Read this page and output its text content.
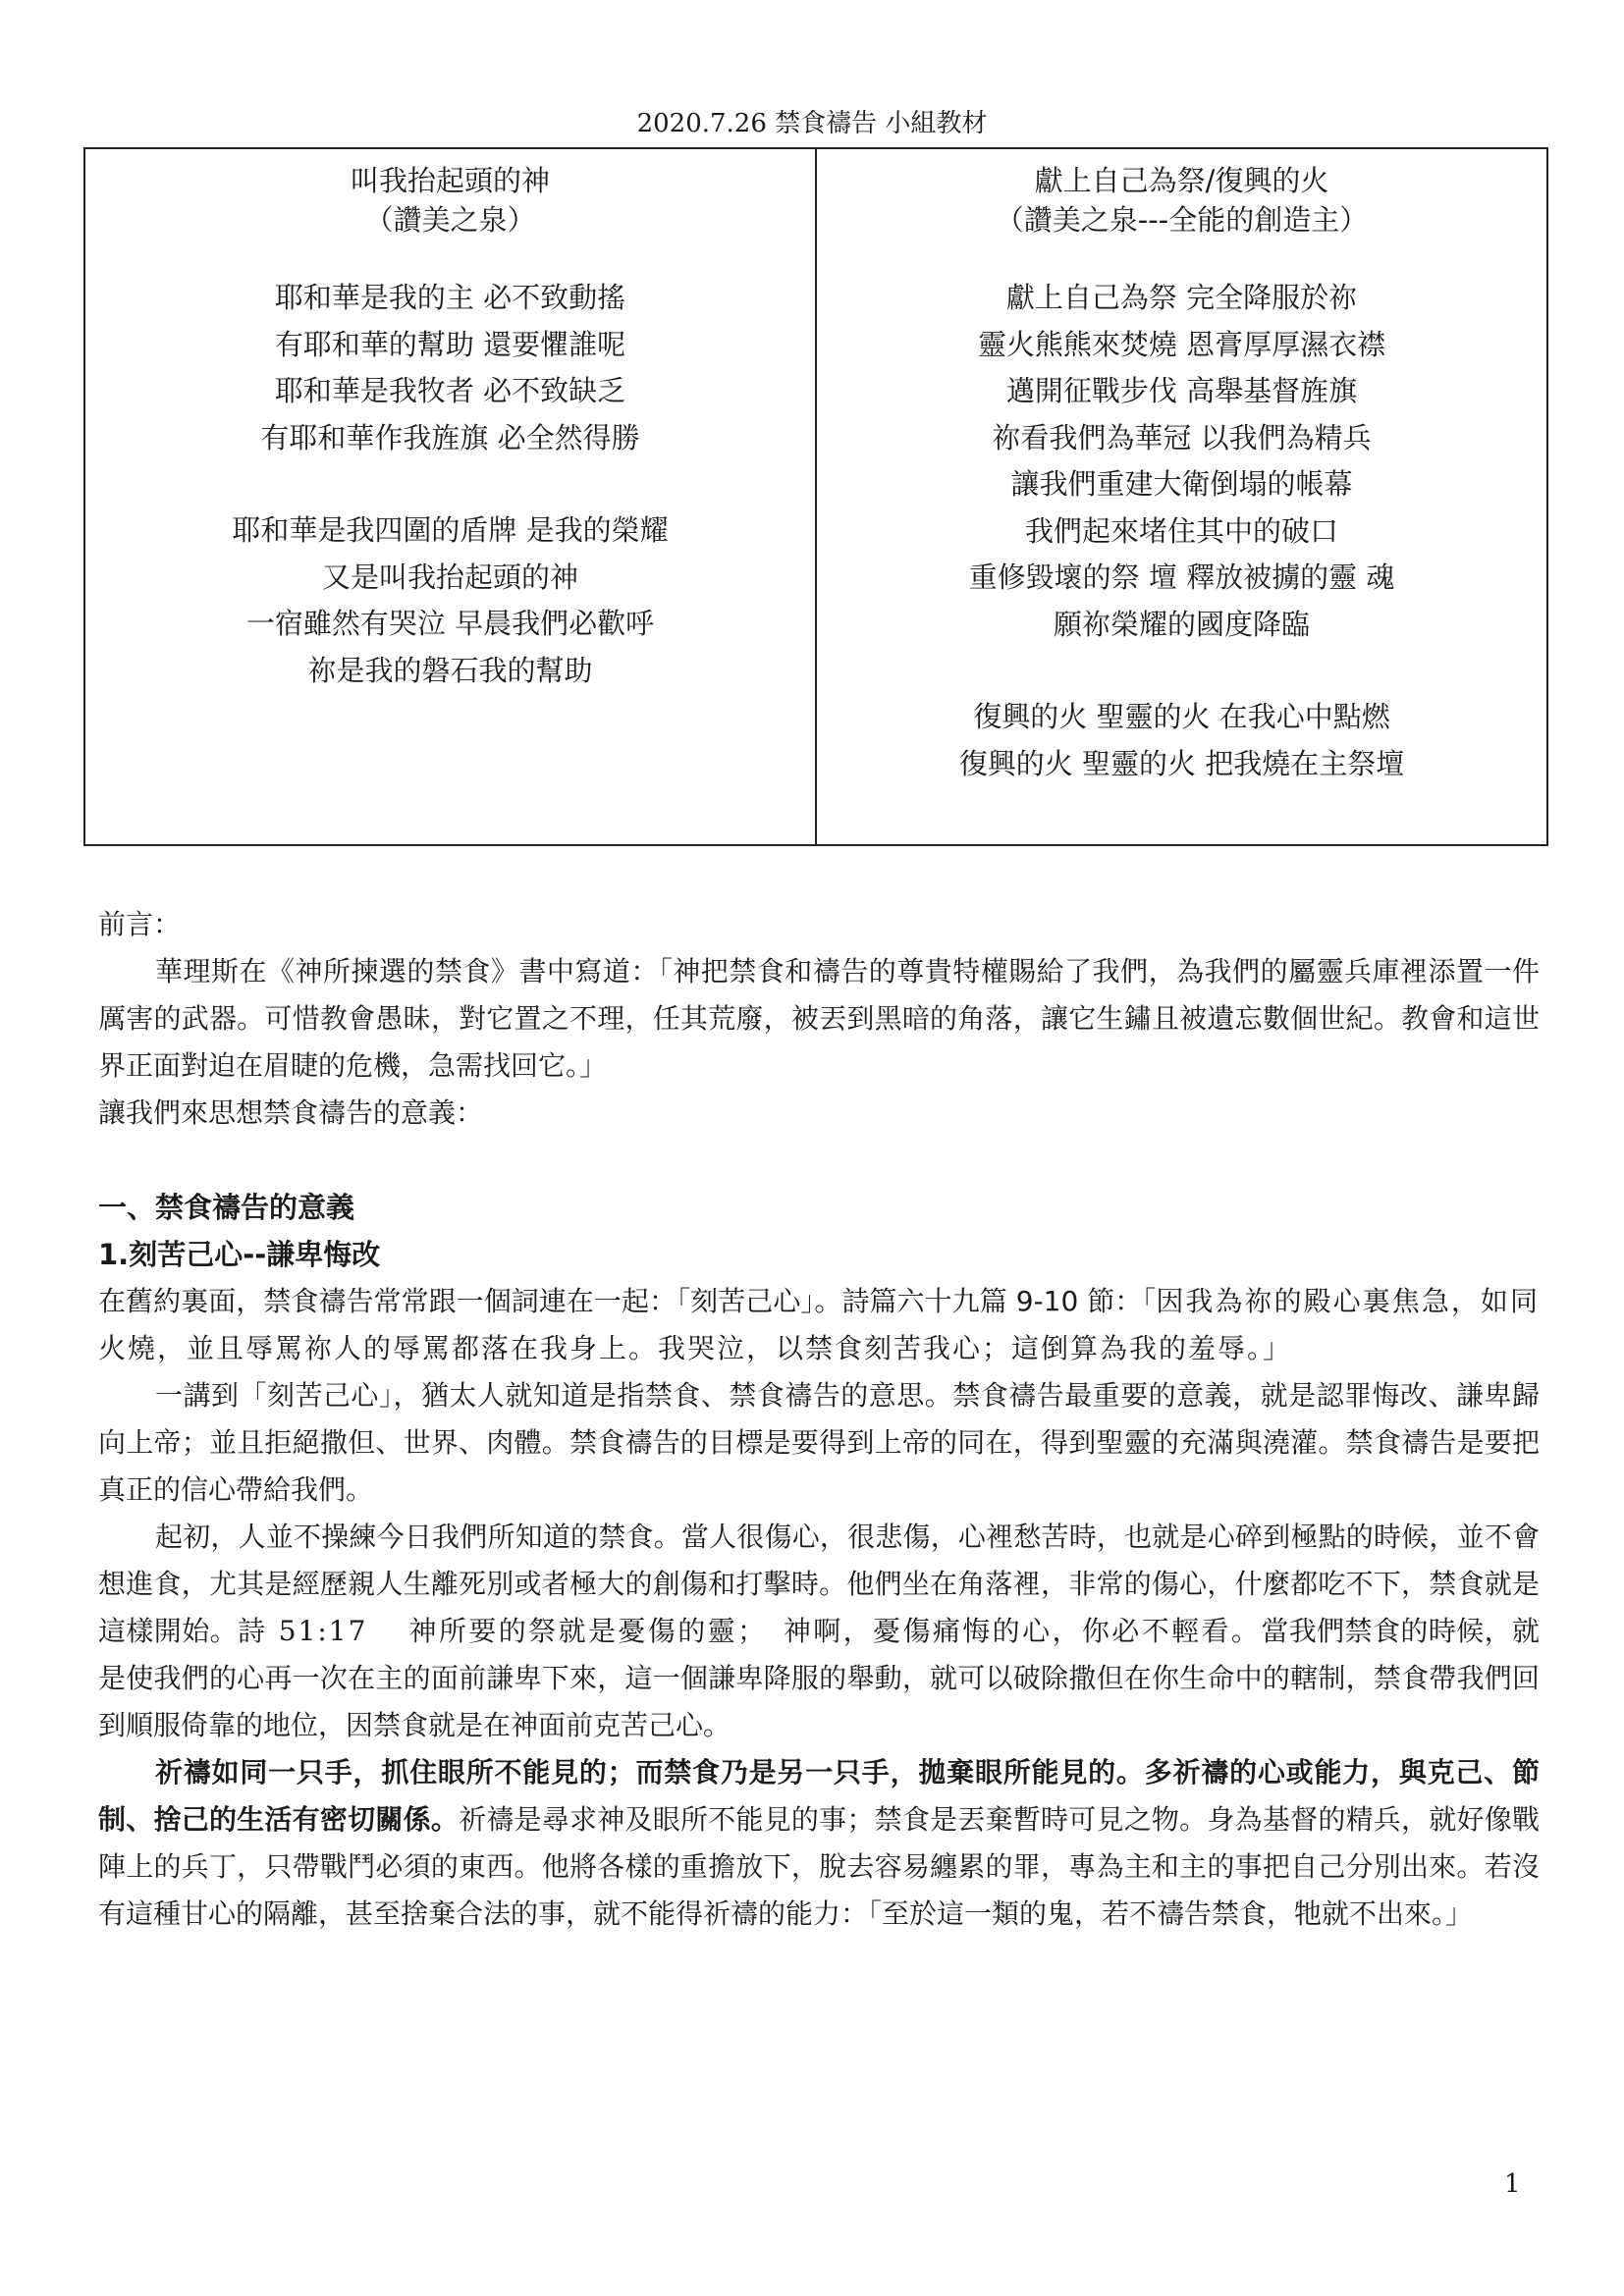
2020.7.26 禁食禱告 小組教材
叫我抬起頭的神
（讚美之泉）
耶和華是我的主 必不致動搖
有耶和華的幫助 還要懼誰呢
耶和華是我牧者 必不致缺乏
有耶和華作我旌旗 必全然得勝
耶和華是我四圍的盾牌 是我的榮耀
又是叫我抬起頭的神
一宿雖然有哭泣 早晨我們必歡呼
祢是我的磐石我的幫助
獻上自己為祭/復興的火
（讚美之泉---全能的創造主）
獻上自己為祭 完全降服於祢
靈火熊熊來焚燒 恩膏厚厚濕衣襟
邁開征戰步伐 高舉基督旌旗
祢看我們為華冠 以我們為精兵
讓我們重建大衛倒塌的帳幕
我們起來堵住其中的破口
重修毀壞的祭 壇 釋放被擄的靈 魂
願祢榮耀的國度降臨
復興的火 聖靈的火 在我心中點燃
復興的火 聖靈的火 把我燒在主祭壇
前言：
華理斯在《神所揀選的禁食》書中寫道：「神把禁食和禱告的尊貴特權賜給了我們，為我們的屬靈兵庫裡添置一件厲害的武器。可惜教會愚昧，對它置之不理，任其荒廢，被丟到黑暗的角落，讓它生鏽且被遺忘數個世紀。教會和這世界正面對迫在眉睫的危機，急需找回它。」
讓我們來思想禁食禱告的意義：
一、禁食禱告的意義
1.刻苦己心--謙卑悔改
在舊約裏面，禁食禱告常常跟一個詞連在一起：「刻苦己心」。詩篇六十九篇 9-10 節：「因我為祢的殿心裏焦急，如同火燒，並且辱罵祢人的辱罵都落在我身上。我哭泣，以禁食刻苦我心；這倒算為我的羞辱。」
一講到「刻苦己心」，猶太人就知道是指禁食、禁食禱告的意思。禁食禱告最重要的意義，就是認罪悔改、謙卑歸向上帝；並且拒絕撒但、世界、肉體。禁食禱告的目標是要得到上帝的同在，得到聖靈的充滿與澆灌。禁食禱告是要把真正的信心帶給我們。
起初，人並不操練今日我們所知道的禁食。當人很傷心，很悲傷，心裡愁苦時，也就是心碎到極點的時候，並不會想進食，尤其是經歷親人生離死別或者極大的創傷和打擊時。他們坐在角落裡，非常的傷心，什麼都吃不下，禁食就是這樣開始。詩 51:17　 神所要的祭就是憂傷的靈；　神啊，憂傷痛悔的心，你必不輕看。當我們禁食的時候，就是使我們的心再一次在主的面前謙卑下來，這一個謙卑降服的舉動，就可以破除撒但在你生命中的轄制，禁食帶我們回到順服倚靠的地位，因禁食就是在神面前克苦己心。
祈禱如同一只手，抓住眼所不能見的；而禁食乃是另一只手，拋棄眼所能見的。多祈禱的心或能力，與克己、節制、捨己的生活有密切關係。祈禱是尋求神及眼所不能見的事；禁食是丟棄暫時可見之物。身為基督的精兵，就好像戰陣上的兵丁，只帶戰鬥必須的東西。他將各樣的重擔放下，脫去容易纏累的罪，專為主和主的事把自己分別出來。若沒有這種甘心的隔離，甚至捨棄合法的事，就不能得祈禱的能力：「至於這一類的鬼，若不禱告禁食，牠就不出來。」
1
